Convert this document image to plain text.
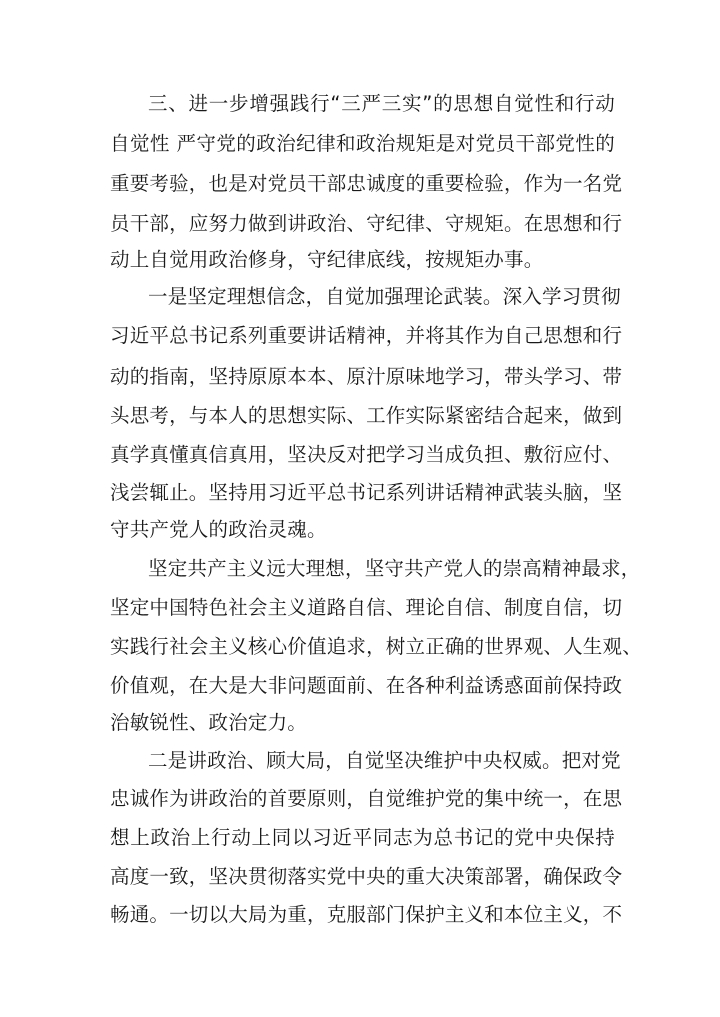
三、进一步增强践行“三严三实”的思想自觉性和行动

自觉性 严守党的政治纪律和政治规矩是对党员干部党性的

重要考验，也是对党员干部忠诚度的重要检验，作为一名党

员干部，应努力做到讲政治、守纪律、守规矩。在思想和行

动上自觉用政治修身，守纪律底线，按规矩办事。

一是坚定理想信念，自觉加强理论武装。深入学习贯彻

习近平总书记系列重要讲话精神，并将其作为自己思想和行

动的指南，坚持原原本本、原汁原味地学习，带头学习、带

头思考，与本人的思想实际、工作实际紧密结合起来，做到

真学真懂真信真用，坚决反对把学习当成负担、敷衍应付、

浅尝辄止。坚持用习近平总书记系列讲话精神武装头脑，坚

守共产党人的政治灵魂。

坚定共产主义远大理想，坚守共产党人的崇高精神最求，

坚定中国特色社会主义道路自信、理论自信、制度自信，切

实践行社会主义核心价值追求，树立正确的世界观、人生观、

价值观，在大是大非问题面前、在各种利益诱惑面前保持政

治敏锐性、政治定力。

二是讲政治、顾大局，自觉坚决维护中央权威。把对党

忠诚作为讲政治的首要原则，自觉维护党的集中统一，在思

想上政治上行动上同以习近平同志为总书记的党中央保持

高度一致，坚决贯彻落实党中央的重大决策部署，确保政令

畅通。一切以大局为重，克服部门保护主义和本位主义，不
